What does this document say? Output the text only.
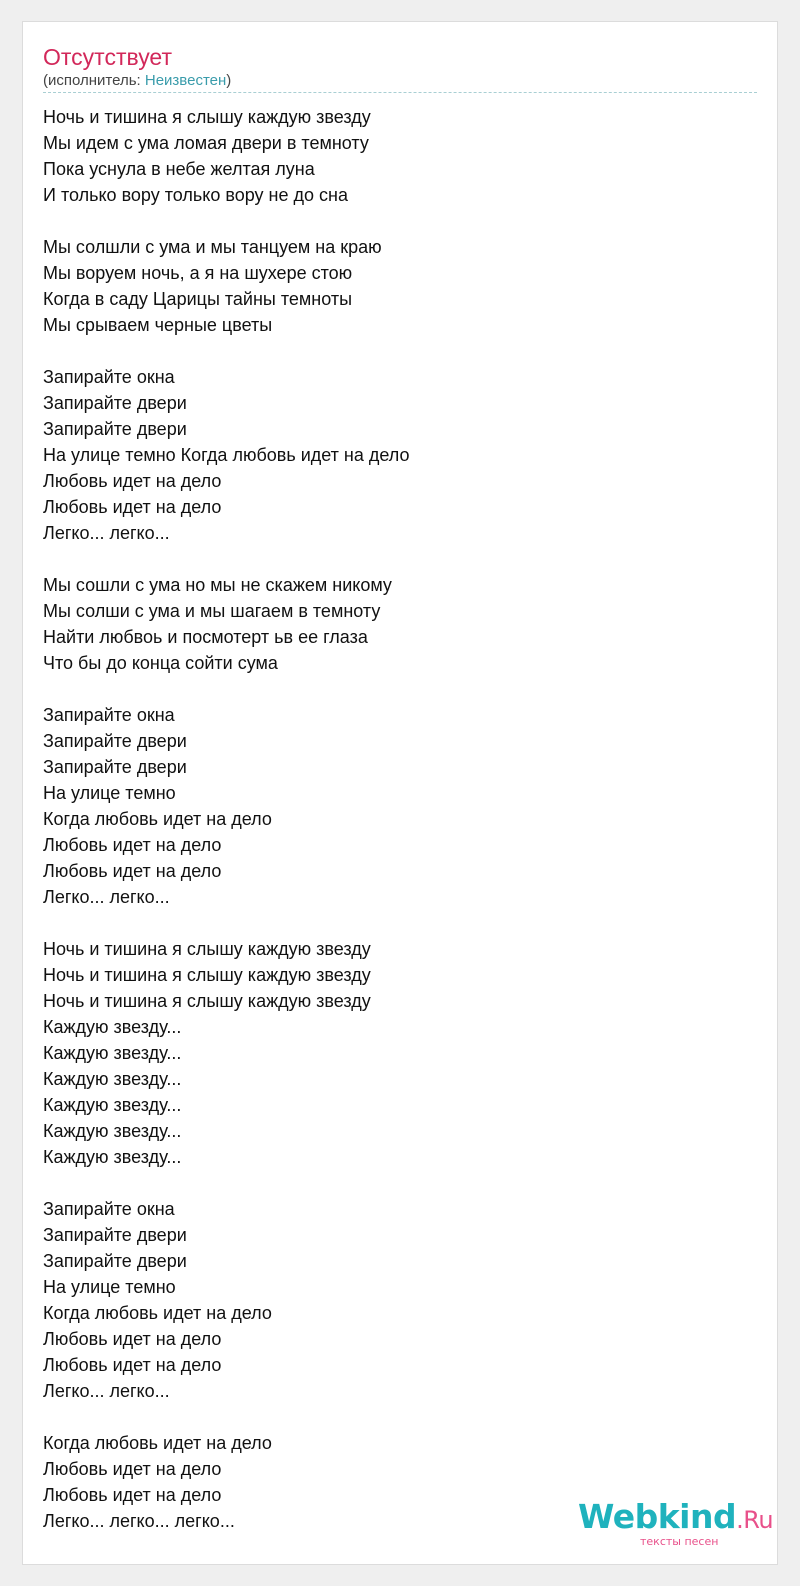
Отсутствует
(исполнитель: Неизвестен)
Ночь и тишина я слышу каждую звезду
Мы идем с ума ломая двери в темноту
Пока уснула в небе желтая луна
И только вору только вору не до сна
Мы солшли с ума и мы танцуем на краю
Мы воруем ночь, а я на шухере стою
Когда в саду Царицы тайны темноты
Мы срываем черные цветы
Запирайте окна
Запирайте двери
Запирайте двери
На улице темно Когда любовь идет на дело
Любовь идет на дело
Любовь идет на дело
Легко... легко...
Мы сошли с ума но мы не скажем никому
Мы солши с ума и мы шагаем в темноту
Найти любвоь и посмотерт ьв ее глаза
Что бы до конца сойти сума
Запирайте окна
Запирайте двери
Запирайте двери
На улице темно
Когда любовь идет на дело
Любовь идет на дело
Любовь идет на дело
Легко... легко...
Ночь и тишина я слышу каждую звезду
Ночь и тишина я слышу каждую звезду
Ночь и тишина я слышу каждую звезду
Каждую звезду...
Каждую звезду...
Каждую звезду...
Каждую звезду...
Каждую звезду...
Каждую звезду...
Запирайте окна
Запирайте двери
Запирайте двери
На улице темно
Когда любовь идет на дело
Любовь идет на дело
Любовь идет на дело
Легко... легко...
Когда любовь идет на дело
Любовь идет на дело
Любовь идет на дело
Легко... легко... легко...	Webkind.Ru
тексты песен
